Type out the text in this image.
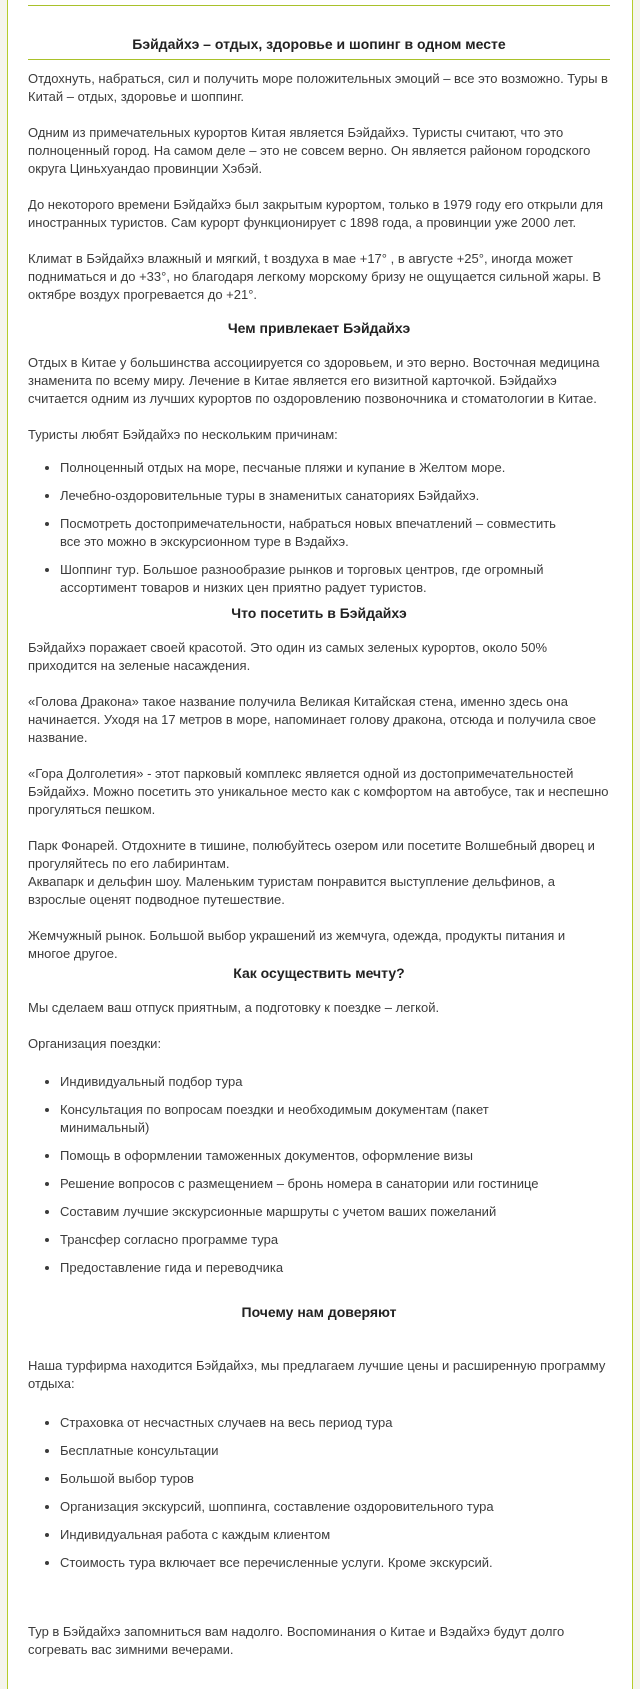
Бэйдайхэ – отдых, здоровье и шопинг в одном месте

Отдохнуть, набраться, сил и получить море положительных эмоций – все это возможно. Туры в Китай – отдых, здоровье и шоппинг.

Одним из примечательных курортов Китая является Бэйдайхэ. Туристы считают, что это полноценный город. На самом деле – это не совсем верно. Он является районом городского округа Циньхуандао провинции Хэбэй.

До некоторого времени Бэйдайхэ был закрытым курортом, только в 1979 году его открыли для иностранных туристов. Сам курорт функционирует с 1898 года, а провинции уже 2000 лет.

Климат в Бэйдайхэ влажный и мягкий, t воздуха в мае +17° , в августе +25°, иногда может подниматься и до +33°, но благодаря легкому морскому бризу не ощущается сильной жары. В октябре воздух прогревается до +21°.

Чем привлекает Бэйдайхэ

Отдых в Китае у большинства ассоциируется со здоровьем, и это верно. Восточная медицина знаменита по всему миру. Лечение в Китае является его визитной карточкой. Бэйдайхэ считается одним из лучших курортов по оздоровлению позвоночника и стоматологии в Китае.

Туристы любят Бэйдайхэ по нескольким причинам:

• Полноценный отдых на море, песчаные пляжи и купание в Желтом море.
• Лечебно-оздоровительные туры в знаменитых санаториях Бэйдайхэ.
• Посмотреть достопримечательности, набраться новых впечатлений – совместить все это можно в экскурсионном туре в Вэдайхэ.
• Шоппинг тур. Большое разнообразие рынков и торговых центров, где огромный ассортимент товаров и низких цен приятно радует туристов.
Что посетить в Бэйдайхэ

Бэйдайхэ поражает своей красотой. Это один из самых зеленых курортов, около 50% приходится на зеленые насаждения.

«Голова Дракона» такое название получила Великая Китайская стена, именно здесь она начинается. Уходя на 17 метров в море, напоминает голову дракона, отсюда и получила свое название.

«Гора Долголетия» - этот парковый комплекс является одной из достопримечательностей Бэйдайхэ. Можно посетить это уникальное место как с комфортом на автобусе, так и неспешно прогуляться пешком.

Парк Фонарей. Отдохните в тишине, полюбуйтесь озером или посетите Волшебный дворец и прогуляйтесь по его лабиринтам.

Аквапарк и дельфин шоу. Маленьким туристам понравится выступление дельфинов, а взрослые оценят подводное путешествие.

Жемчужный рынок. Большой выбор украшений из жемчуга, одежда, продукты питания и многое другое.

Как осуществить мечту?

Мы сделаем ваш отпуск приятным, а подготовку к поездке – легкой.

Организация поездки:

• Индивидуальный подбор тура
• Консультация по вопросам поездки и необходимым документам (пакет минимальный)
• Помощь в оформлении таможенных документов, оформление визы
• Решение вопросов с размещением – бронь номера в санатории или гостинице
• Составим лучшие экскурсионные маршруты с учетом ваших пожеланий
• Трансфер согласно программе тура
• Предоставление гида и переводчика
Почему нам доверяют

Наша турфирма находится Бэйдайхэ, мы предлагаем лучшие цены и расширенную программу отдыха:

• Страховка от несчастных случаев на весь период тура
• Бесплатные консультации
• Большой выбор туров
• Организация экскурсий, шоппинга, составление оздоровительного тура
• Индивидуальная работа с каждым клиентом
• Стоимость тура включает все перечисленные услуги. Кроме экскурсий.

Тур в Бэйдайхэ запомниться вам надолго. Воспоминания о Китае и Вэдайхэ будут долго согревать вас зимними вечерами.
